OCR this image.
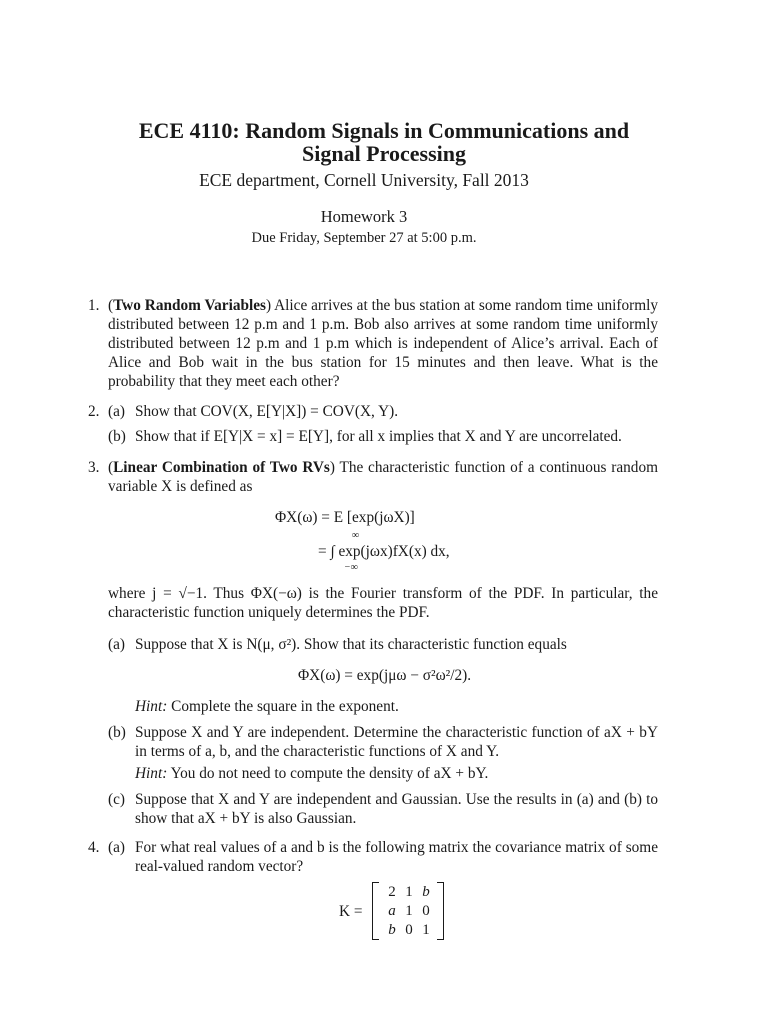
ECE 4110: Random Signals in Communications and
Signal Processing
ECE department, Cornell University, Fall 2013
Homework 3
Due Friday, September 27 at 5:00 p.m.
1. (Two Random Variables) Alice arrives at the bus station at some random time uniformly distributed between 12 p.m and 1 p.m. Bob also arrives at some random time uniformly distributed between 12 p.m and 1 p.m which is independent of Alice’s arrival. Each of Alice and Bob wait in the bus station for 15 minutes and then leave. What is the probability that they meet each other?
2. (a) Show that COV(X, E[Y|X]) = COV(X, Y).
(b) Show that if E[Y|X = x] = E[Y], for all x implies that X and Y are uncorrelated.
3. (Linear Combination of Two RVs) The characteristic function of a continuous random variable X is defined as
ΦX(ω) = E [exp(jωX)]
= ∫ exp(jωx)fX(x) dx,
∞
−∞
where j = √−1. Thus ΦX(−ω) is the Fourier transform of the PDF. In particular, the characteristic function uniquely determines the PDF.
(a) Suppose that X is N(μ, σ²). Show that its characteristic function equals
ΦX(ω) = exp(jμω − σ²ω²/2).
Hint: Complete the square in the exponent.
(b) Suppose X and Y are independent. Determine the characteristic function of aX + bY in terms of a, b, and the characteristic functions of X and Y.
Hint: You do not need to compute the density of aX + bY.
(c) Suppose that X and Y are independent and Gaussian. Use the results in (a) and (b) to show that aX + bY is also Gaussian.
4. (a) For what real values of a and b is the following matrix the covariance matrix of some real-valued random vector?
K =
2 1 b
a 1 0
b 0 1
